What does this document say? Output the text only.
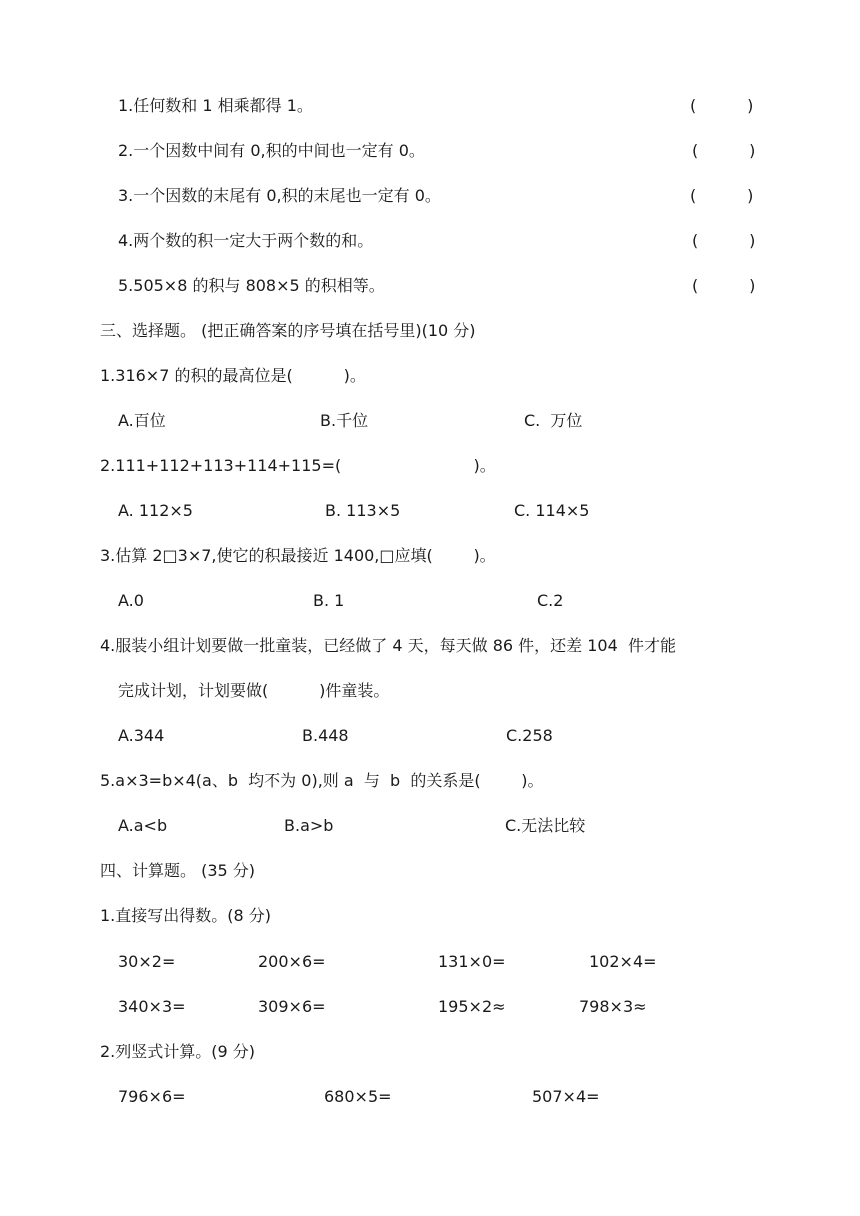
1.任何数和 1 相乘都得 1。	(          )
2.一个因数中间有 0,积的中间也一定有 0。	(          )
3.一个因数的末尾有 0,积的末尾也一定有 0。	(          )
4.两个数的积一定大于两个数的和。	(          )
5.505×8 的积与 808×5 的积相等。	(          )
三、选择题。 (把正确答案的序号填在括号里)(10 分)
1.316×7 的积的最高位是(          )。
A.百位	B.千位	C.  万位
2.111+112+113+114+115=(                          )。
A. 112×5	B. 113×5	C. 114×5
3.估算 2□3×7,使它的积最接近 1400,□应填(        )。
A.0	B. 1	C.2
4.服装小组计划要做一批童装，已经做了 4 天，每天做 86 件，还差 104  件才能
完成计划，计划要做(          )件童装。
A.344	B.448	C.258
5.a×3=b×4(a、b  均不为 0),则 a  与  b  的关系是(        )。
A.a<b	B.a>b	C.无法比较
四、计算题。 (35 分)
1.直接写出得数。(8 分)
30×2=	200×6=	131×0=	102×4=
340×3=	309×6=	195×2≈	798×3≈
2.列竖式计算。(9 分)
796×6=	680×5=	507×4=
